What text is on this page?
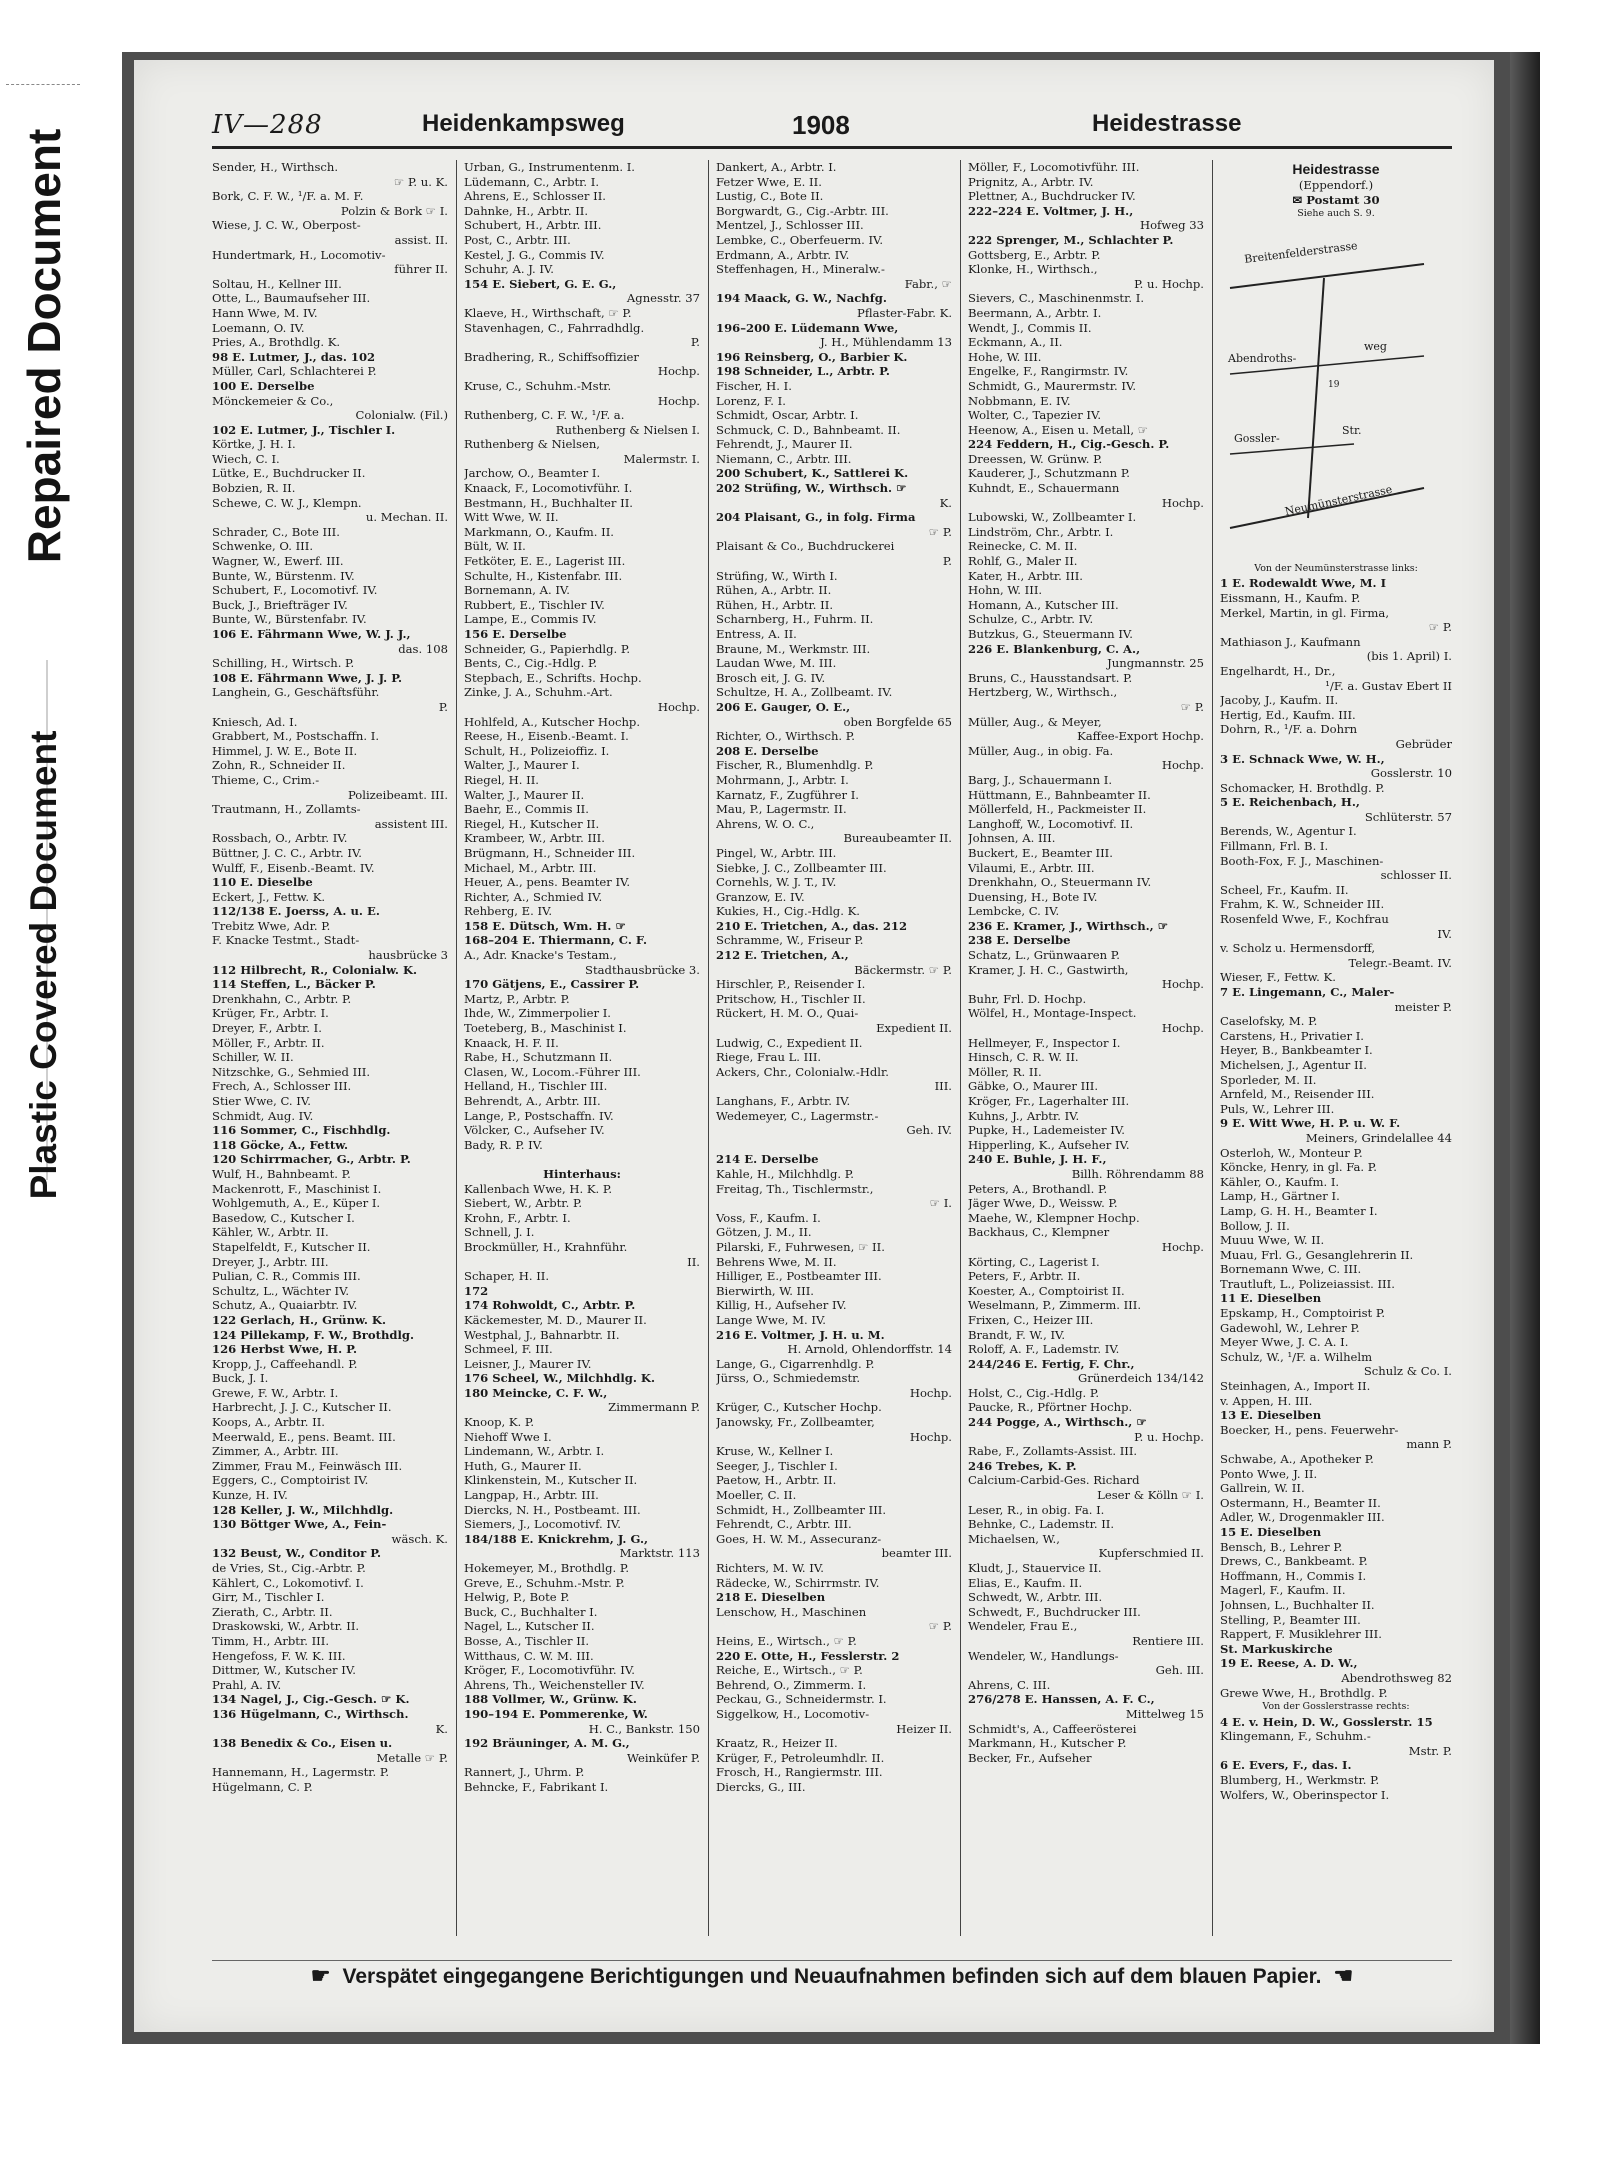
Repaired Document
Plastic Covered Document
IV—288	Heidenkampsweg	1908	Heidestrasse
Sender, H., Wirthsch.
☞ P. u. K.
Bork, C. F. W., ¹/F. a. M. F.
Polzin & Bork ☞ I.
Wiese, J. C. W., Oberpost-
assist. II.
Hundertmark, H., Locomotiv-
führer II.
Soltau, H., Kellner III.
Otte, L., Baumaufseher III.
Hann Wwe, M. IV.
Loemann, O. IV.
Pries, A., Brothdlg. K.
98 E. Lutmer, J., das. 102
Müller, Carl, Schlachterei P.
100 E. Derselbe
Mönckemeier & Co.,
Colonialw. (Fil.)
102 E. Lutmer, J., Tischler I.
Körtke, J. H. I.
Wiech, C. I.
Lütke, E., Buchdrucker II.
Bobzien, R. II.
Schewe, C. W. J., Klempn.
u. Mechan. II.
Schrader, C., Bote III.
Schwenke, O. III.
Wagner, W., Ewerf. III.
Bunte, W., Bürstenm. IV.
Schubert, F., Locomotivf. IV.
Buck, J., Briefträger IV.
Bunte, W., Bürstenfabr. IV.
106 E. Fährmann Wwe, W. J. J.,
das. 108
Schilling, H., Wirtsch. P.
108 E. Fährmann Wwe, J. J. P.
Langhein, G., Geschäftsführ.
P.
Kniesch, Ad. I.
Grabbert, M., Postschaffn. I.
Himmel, J. W. E., Bote II.
Zohn, R., Schneider II.
Thieme, C., Crim.-
Polizeibeamt. III.
Trautmann, H., Zollamts-
assistent III.
Rossbach, O., Arbtr. IV.
Büttner, J. C. C., Arbtr. IV.
Wulff, F., Eisenb.-Beamt. IV.
110 E. Dieselbe
Eckert, J., Fettw. K.
112/138 E. Joerss, A. u. E.
Trebitz Wwe, Adr. P.
F. Knacke Testmt., Stadt-
hausbrücke 3
112 Hilbrecht, R., Colonialw. K.
114 Steffen, L., Bäcker P.
Drenkhahn, C., Arbtr. P.
Krüger, Fr., Arbtr. I.
Dreyer, F., Arbtr. I.
Möller, F., Arbtr. II.
Schiller, W. II.
Nitzschke, G., Sehmied III.
Frech, A., Schlosser III.
Stier Wwe, C. IV.
Schmidt, Aug. IV.
116 Sommer, C., Fischhdlg.
118 Göcke, A., Fettw.
120 Schirrmacher, G., Arbtr. P.
Wulf, H., Bahnbeamt. P.
Mackenrott, F., Maschinist I.
Wohlgemuth, A., E., Küper I.
Basedow, C., Kutscher I.
Kähler, W., Arbtr. II.
Stapelfeldt, F., Kutscher II.
Dreyer, J., Arbtr. III.
Pulian, C. R., Commis III.
Schultz, L., Wächter IV.
Schutz, A., Quaiarbtr. IV.
122 Gerlach, H., Grünw. K.
124 Pillekamp, F. W., Brothdlg.
126 Herbst Wwe, H. P.
Kropp, J., Caffeehandl. P.
Buck, J. I.
Grewe, F. W., Arbtr. I.
Harbrecht, J. J. C., Kutscher II.
Koops, A., Arbtr. II.
Meerwald, E., pens. Beamt. III.
Zimmer, A., Arbtr. III.
Zimmer, Frau M., Feinwäsch III.
Eggers, C., Comptoirist IV.
Kunze, H. IV.
128 Keller, J. W., Milchhdlg.
130 Böttger Wwe, A., Fein-
wäsch. K.
132 Beust, W., Conditor P.
de Vries, St., Cig.-Arbtr. P.
Kählert, C., Lokomotivf. I.
Girr, M., Tischler I.
Zierath, C., Arbtr. II.
Draskowski, W., Arbtr. II.
Timm, H., Arbtr. III.
Hengefoss, F. W. K. III.
Dittmer, W., Kutscher IV.
Prahl, A. IV.
134 Nagel, J., Cig.-Gesch. ☞ K.
136 Hügelmann, C., Wirthsch.
K.
138 Benedix & Co., Eisen u.
Metalle ☞ P.
Hannemann, H., Lagermstr. P.
Hügelmann, C. P.
Urban, G., Instrumentenm. I.
Lüdemann, C., Arbtr. I.
Ahrens, E., Schlosser II.
Dahnke, H., Arbtr. II.
Schubert, H., Arbtr. III.
Post, C., Arbtr. III.
Kestel, J. G., Commis IV.
Schuhr, A. J. IV.
154 E. Siebert, G. E. G.,
Agnesstr. 37
Klaeve, H., Wirthschaft, ☞ P.
Stavenhagen, C., Fahrradhdlg.
P.
Bradhering, R., Schiffsoffizier
Hochp.
Kruse, C., Schuhm.-Mstr.
Hochp.
Ruthenberg, C. F. W., ¹/F. a.
Ruthenberg & Nielsen I.
Ruthenberg & Nielsen,
Malermstr. I.
Jarchow, O., Beamter I.
Knaack, F., Locomotivführ. I.
Bestmann, H., Buchhalter II.
Witt Wwe, W. II.
Markmann, O., Kaufm. II.
Bült, W. II.
Fetköter, E. E., Lagerist III.
Schulte, H., Kistenfabr. III.
Bornemann, A. IV.
Rubbert, E., Tischler IV.
Lampe, E., Commis IV.
156 E. Derselbe
Schneider, G., Papierhdlg. P.
Bents, C., Cig.-Hdlg. P.
Stepbach, E., Schrifts. Hochp.
Zinke, J. A., Schuhm.-Art.
Hochp.
Hohlfeld, A., Kutscher Hochp.
Reese, H., Eisenb.-Beamt. I.
Schult, H., Polizeioffiz. I.
Walter, J., Maurer I.
Riegel, H. II.
Walter, J., Maurer II.
Baehr, E., Commis II.
Riegel, H., Kutscher II.
Krambeer, W., Arbtr. III.
Brügmann, H., Schneider III.
Michael, M., Arbtr. III.
Heuer, A., pens. Beamter IV.
Richter, A., Schmied IV.
Rehberg, E. IV.
158 E. Dütsch, Wm. H. ☞
168–204 E. Thiermann, C. F.
A., Adr. Knacke's Testam.,
Stadthausbrücke 3.
170 Gätjens, E., Cassirer P.
Martz, P., Arbtr. P.
Ihde, W., Zimmerpolier I.
Toeteberg, B., Maschinist I.
Knaack, H. F. II.
Rabe, H., Schutzmann II.
Clasen, W., Locom.-Führer III.
Helland, H., Tischler III.
Behrendt, A., Arbtr. III.
Lange, P., Postschaffn. IV.
Völcker, C., Aufseher IV.
Bady, R. P. IV.

Hinterhaus:
Kallenbach Wwe, H. K. P.
Siebert, W., Arbtr. P.
Krohn, F., Arbtr. I.
Schnell, J. I.
Brockmüller, H., Krahnführ.
II.
Schaper, H. II.
172
174 Rohwoldt, C., Arbtr. P.
Käckemester, M. D., Maurer II.
Westphal, J., Bahnarbtr. II.
Schmeel, F. III.
Leisner, J., Maurer IV.
176 Scheel, W., Milchhdlg. K.
180 Meincke, C. F. W.,
Zimmermann P.
Knoop, K. P.
Niehoff Wwe I.
Lindemann, W., Arbtr. I.
Huth, G., Maurer II.
Klinkenstein, M., Kutscher II.
Langpap, H., Arbtr. III.
Diercks, N. H., Postbeamt. III.
Siemers, J., Locomotivf. IV.
184/188 E. Knickrehm, J. G.,
Marktstr. 113
Hokemeyer, M., Brothdlg. P.
Greve, E., Schuhm.-Mstr. P.
Helwig, P., Bote P.
Buck, C., Buchhalter I.
Nagel, L., Kutscher II.
Bosse, A., Tischler II.
Witthaus, C. W. M. III.
Kröger, F., Locomotivführ. IV.
Ahrens, Th., Weichensteller IV.
188 Vollmer, W., Grünw. K.
190–194 E. Pommerenke, W.
H. C., Bankstr. 150
192 Bräuninger, A. M. G.,
Weinküfer P.
Rannert, J., Uhrm. P.
Behncke, F., Fabrikant I.
Dankert, A., Arbtr. I.
Fetzer Wwe, E. II.
Lustig, C., Bote II.
Borgwardt, G., Cig.-Arbtr. III.
Mentzel, J., Schlosser III.
Lembke, C., Oberfeuerm. IV.
Erdmann, A., Arbtr. IV.
Steffenhagen, H., Mineralw.-
Fabr., ☞
194 Maack, G. W., Nachfg.
Pflaster-Fabr. K.
196–200 E. Lüdemann Wwe,
J. H., Mühlendamm 13
196 Reinsberg, O., Barbier K.
198 Schneider, L., Arbtr. P.
Fischer, H. I.
Lorenz, F. I.
Schmidt, Oscar, Arbtr. I.
Schmuck, C. D., Bahnbeamt. II.
Fehrendt, J., Maurer II.
Niemann, C., Arbtr. III.
200 Schubert, K., Sattlerei K.
202 Strüfing, W., Wirthsch. ☞
K.
204 Plaisant, G., in folg. Firma
☞ P.
Plaisant & Co., Buchdruckerei
P.
Strüfing, W., Wirth I.
Rühen, A., Arbtr. II.
Rühen, H., Arbtr. II.
Scharnberg, H., Fuhrm. II.
Entress, A. II.
Braune, M., Werkmstr. III.
Laudan Wwe, M. III.
Brosch eit, J. G. IV.
Schultze, H. A., Zollbeamt. IV.
206 E. Gauger, O. E.,
oben Borgfelde 65
Richter, O., Wirthsch. P.
208 E. Derselbe
Fischer, R., Blumenhdlg. P.
Mohrmann, J., Arbtr. I.
Karnatz, F., Zugführer I.
Mau, P., Lagermstr. II.
Ahrens, W. O. C.,
Bureaubeamter II.
Pingel, W., Arbtr. III.
Siebke, J. C., Zollbeamter III.
Cornehls, W. J. T., IV.
Granzow, E. IV.
Kukies, H., Cig.-Hdlg. K.
210 E. Trietchen, A., das. 212
Schramme, W., Friseur P.
212 E. Trietchen, A.,
Bäckermstr. ☞ P.
Hirschler, P., Reisender I.
Pritschow, H., Tischler II.
Rückert, H. M. O., Quai-
Expedient II.
Ludwig, C., Expedient II.
Riege, Frau L. III.
Ackers, Chr., Colonialw.-Hdlr.
III.
Langhans, F., Arbtr. IV.
Wedemeyer, C., Lagermstr.-
Geh. IV.

214 E. Derselbe
Kahle, H., Milchhdlg. P.
Freitag, Th., Tischlermstr.,
☞ I.
Voss, F., Kaufm. I.
Götzen, J. M., II.
Pilarski, F., Fuhrwesen, ☞ II.
Behrens Wwe, M. II.
Hilliger, E., Postbeamter III.
Bierwirth, W. III.
Killig, H., Aufseher IV.
Lange Wwe, M. IV.
216 E. Voltmer, J. H. u. M.
H. Arnold, Ohlendorffstr. 14
Lange, G., Cigarrenhdlg. P.
Jürss, O., Schmiedemstr.
Hochp.
Krüger, C., Kutscher Hochp.
Janowsky, Fr., Zollbeamter,
Hochp.
Kruse, W., Kellner I.
Seeger, J., Tischler I.
Paetow, H., Arbtr. II.
Moeller, C. II.
Schmidt, H., Zollbeamter III.
Fehrendt, C., Arbtr. III.
Goes, H. W. M., Assecuranz-
beamter III.
Richters, M. W. IV.
Rädecke, W., Schirrmstr. IV.
218 E. Dieselben
Lenschow, H., Maschinen
☞ P.
Heins, E., Wirtsch., ☞ P.
220 E. Otte, H., Fesslerstr. 2
Reiche, E., Wirtsch., ☞ P.
Behrend, O., Zimmerm. I.
Peckau, G., Schneidermstr. I.
Siggelkow, H., Locomotiv-
Heizer II.
Kraatz, R., Heizer II.
Krüger, F., Petroleumhdlr. II.
Frosch, H., Rangiermstr. III.
Diercks, G., III.
Möller, F., Locomotivführ. III.
Prignitz, A., Arbtr. IV.
Plettner, A., Buchdrucker IV.
222–224 E. Voltmer, J. H.,
Hofweg 33
222 Sprenger, M., Schlachter P.
Gottsberg, E., Arbtr. P.
Klonke, H., Wirthsch.,
P. u. Hochp.
Sievers, C., Maschinenmstr. I.
Beermann, A., Arbtr. I.
Wendt, J., Commis II.
Eckmann, A., II.
Hohe, W. III.
Engelke, F., Rangirmstr. IV.
Schmidt, G., Maurermstr. IV.
Nobbmann, E. IV.
Wolter, C., Tapezier IV.
Heenow, A., Eisen u. Metall, ☞
224 Feddern, H., Cig.-Gesch. P.
Dreessen, W. Grünw. P.
Kauderer, J., Schutzmann P.
Kuhndt, E., Schauermann
Hochp.
Lubowski, W., Zollbeamter I.
Lindström, Chr., Arbtr. I.
Reinecke, C. M. II.
Rohlf, G., Maler II.
Kater, H., Arbtr. III.
Hohn, W. III.
Homann, A., Kutscher III.
Schulze, C., Arbtr. IV.
Butzkus, G., Steuermann IV.
226 E. Blankenburg, C. A.,
Jungmannstr. 25
Bruns, C., Hausstandsart. P.
Hertzberg, W., Wirthsch.,
☞ P.
Müller, Aug., & Meyer,
Kaffee-Export Hochp.
Müller, Aug., in obig. Fa.
Hochp.
Barg, J., Schauermann I.
Hüttmann, E., Bahnbeamter II.
Möllerfeld, H., Packmeister II.
Langhoff, W., Locomotivf. II.
Johnsen, A. III.
Buckert, E., Beamter III.
Vilaumi, E., Arbtr. III.
Drenkhahn, O., Steuermann IV.
Duensing, H., Bote IV.
Lembcke, C. IV.
236 E. Kramer, J., Wirthsch., ☞
238 E. Derselbe
Schatz, L., Grünwaaren P.
Kramer, J. H. C., Gastwirth,
Hochp.
Buhr, Frl. D. Hochp.
Wölfel, H., Montage-Inspect.
Hochp.
Hellmeyer, F., Inspector I.
Hinsch, C. R. W. II.
Möller, R. II.
Gäbke, O., Maurer III.
Kröger, Fr., Lagerhalter III.
Kuhns, J., Arbtr. IV.
Pupke, H., Lademeister IV.
Hipperling, K., Aufseher IV.
240 E. Buhle, J. H. F.,
Billh. Röhrendamm 88
Peters, A., Brothandl. P.
Jäger Wwe, D., Weissw. P.
Maehe, W., Klempner Hochp.
Backhaus, C., Klempner
Hochp.
Körting, C., Lagerist I.
Peters, F., Arbtr. II.
Koester, A., Comptoirist II.
Weselmann, P., Zimmerm. III.
Frixen, C., Heizer III.
Brandt, F. W., IV.
Roloff, A. F., Lademstr. IV.
244/246 E. Fertig, F. Chr.,
Grünerdeich 134/142
Holst, C., Cig.-Hdlg. P.
Paucke, R., Pförtner Hochp.
244 Pogge, A., Wirthsch., ☞
P. u. Hochp.
Rabe, F., Zollamts-Assist. III.
246 Trebes, K. P.
Calcium-Carbid-Ges. Richard
Leser & Kölln ☞ I.
Leser, R., in obig. Fa. I.
Behnke, C., Lademstr. II.
Michaelsen, W.,
Kupferschmied II.
Kludt, J., Stauervice II.
Elias, E., Kaufm. II.
Schwedt, W., Arbtr. III.
Schwedt, F., Buchdrucker III.
Wendeler, Frau E.,
Rentiere III.
Wendeler, W., Handlungs-
Geh. III.
Ahrens, C. III.
276/278 E. Hanssen, A. F. C.,
Mittelweg 15
Schmidt's, A., Caffeeröstereі
Markmann, H., Kutscher P.
Becker, Fr., Aufseher
Heidestrasse
(Eppendorf.)
✉ Postamt 30
Siehe auch S. 9.
Breitenfelderstrasse
Abendroths-
weg
19
Gossler-
Str.
Neumünsterstrasse
Von der Neumünsterstrasse links:
1 E. Rodewaldt Wwe, M. I
Eissmann, H., Kaufm. P.
Merkel, Martin, in gl. Firma,
☞ P.
Mathiason J., Kaufmann
(bis 1. April) I.
Engelhardt, H., Dr.,
¹/F. a. Gustav Ebert II
Jacoby, J., Kaufm. II.
Hertig, Ed., Kaufm. III.
Dohrn, R., ¹/F. a. Dohrn
Gebrüder
3 E. Schnack Wwe, W. H.,
Gosslerstr. 10
Schomacker, H. Brothdlg. P.
5 E. Reichenbach, H.,
Schlüterstr. 57
Berends, W., Agentur I.
Fillmann, Frl. B. I.
Booth-Fox, F. J., Maschinen-
schlosser II.
Scheel, Fr., Kaufm. II.
Frahm, K. W., Schneider III.
Rosenfeld Wwe, F., Kochfrau
IV.
v. Scholz u. Hermensdorff,
Telegr.-Beamt. IV.
Wieser, F., Fettw. K.
7 E. Lingemann, C., Maler-
meister P.
Caselofsky, M. P.
Carstens, H., Privatier I.
Heyer, B., Bankbeamter I.
Michelsen, J., Agentur II.
Sporleder, M. II.
Arnfeld, M., Reisender III.
Puls, W., Lehrer III.
9 E. Witt Wwe, H. P. u. W. F.
Meiners, Grindelallee 44
Osterloh, W., Monteur P.
Köncke, Henry, in gl. Fa. P.
Kähler, O., Kaufm. I.
Lamp, H., Gärtner I.
Lamp, G. H. H., Beamter I.
Bollow, J. II.
Muuu Wwe, W. II.
Muau, Frl. G., Gesanglehrerin II.
Bornemann Wwe, C. III.
Trautluft, L., Polizeiassist. III.
11 E. Dieselben
Epskamp, H., Comptoirist P.
Gadewohl, W., Lehrer P.
Meyer Wwe, J. C. A. I.
Schulz, W., ¹/F. a. Wilhelm
Schulz & Co. I.
Steinhagen, A., Import II.
v. Appen, H. III.
13 E. Dieselben
Boecker, H., pens. Feuerwehr-
mann P.
Schwabe, A., Apotheker P.
Ponto Wwe, J. II.
Gallrein, W. II.
Ostermann, H., Beamter II.
Adler, W., Drogenmakler III.
15 E. Dieselben
Bensch, B., Lehrer P.
Drews, C., Bankbeamt. P.
Hoffmann, H., Commis I.
Magerl, F., Kaufm. II.
Johnsen, L., Buchhalter II.
Stelling, P., Beamter III.
Rappert, F. Musiklehrer III.
St. Markuskirche
19 E. Reese, A. D. W.,
Abendrothsweg 82
Grewe Wwe, H., Brothdlg. P.
Von der Gosslerstrasse rechts:
4 E. v. Hein, D. W., Gosslerstr. 15
Klingemann, F., Schuhm.-
Mstr. P.
6 E. Evers, F., das. I.
Blumberg, H., Werkmstr. P.
Wolfers, W., Oberinspector I.
☛ Verspätet eingegangene Berichtigungen und Neuaufnahmen befinden sich auf dem blauen Papier. ☚
